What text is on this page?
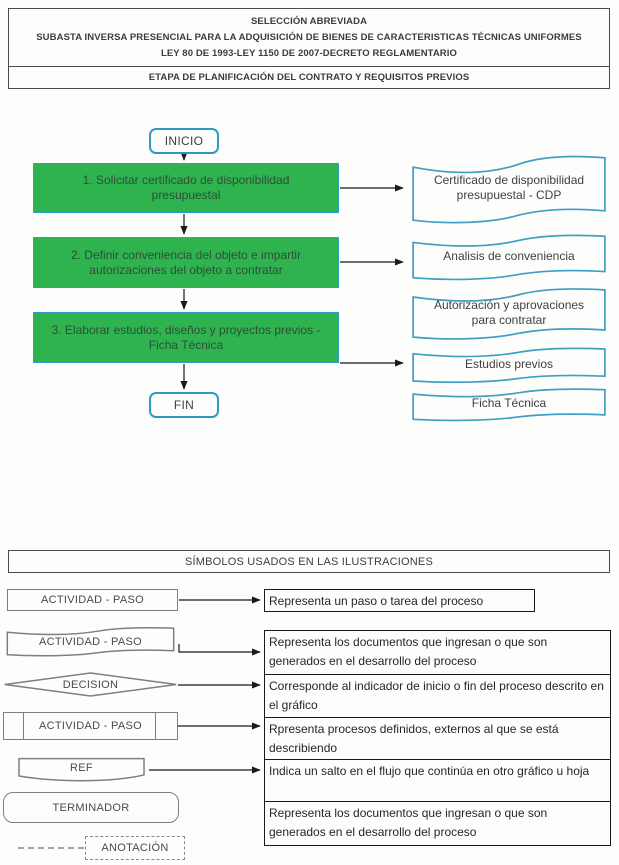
SELECCIÓN ABREVIADA
SUBASTA INVERSA PRESENCIAL PARA LA ADQUISICIÓN DE BIENES DE CARACTERISTICAS TÉCNICAS UNIFORMES
LEY 80 DE 1993-LEY 1150 DE 2007-DECRETO REGLAMENTARIO
ETAPA DE PLANIFICACIÓN DEL CONTRATO Y REQUISITOS PREVIOS
INICIO
1. Solicitar certificado de disponibilidad presupuestal
2. Definir conveniencia del objeto e impartir autorizaciones del objeto a contratar
3. Elaborar estudios, diseños y proyectos previos - Ficha Técnica
FIN
Certificado de disponibilidad presupuestal - CDP
Analisis de conveniencia
Autorización y aprovaciones para contratar
Estudios previos
Ficha Técnica
SÍMBOLOS USADOS EN LAS ILUSTRACIONES
ACTIVIDAD - PASO
ACTIVIDAD - PASO
DECISION
ACTIVIDAD - PASO
REF
TERMINADOR
ANOTACIÓN
Representa un paso o tarea del proceso
Representa los documentos que ingresan o que son generados en el desarrollo del proceso
Corresponde al indicador de inicio o fin del proceso descrito en el gráfico
Rpresenta procesos definidos, externos al que se está describiendo
Indica un salto en el flujo que continúa en otro gráfico u hoja
Representa los documentos que ingresan o que son generados en el desarrollo del proceso
